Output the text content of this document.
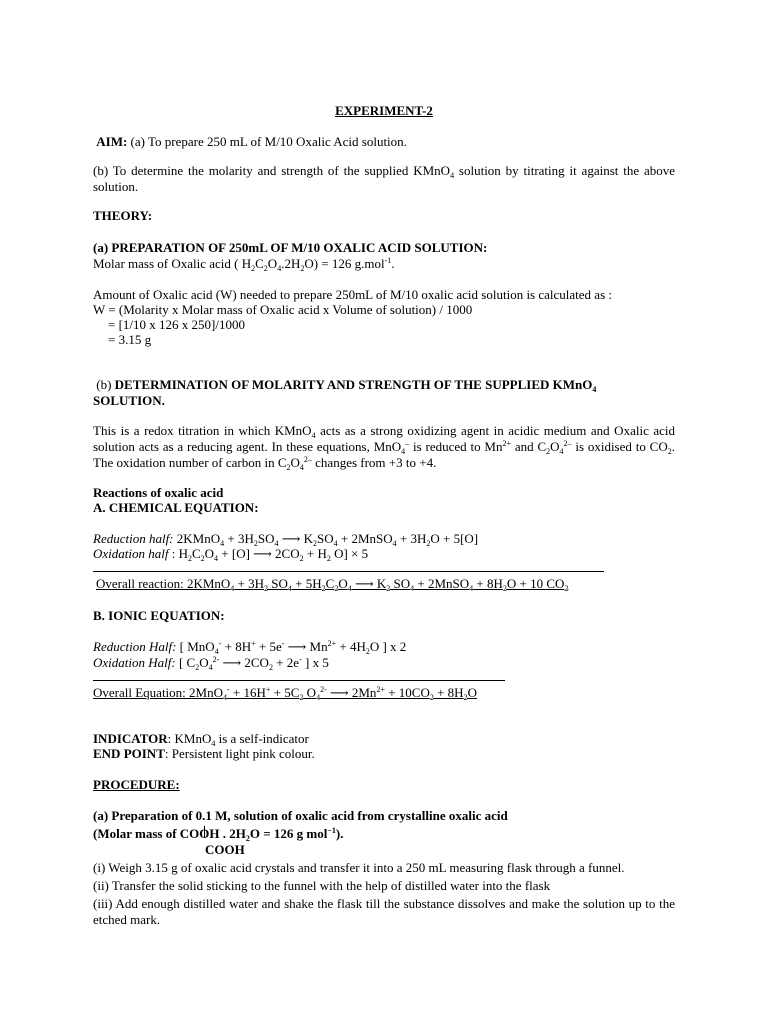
EXPERIMENT-2
AIM: (a) To prepare 250 mL of M/10 Oxalic Acid solution.
(b) To determine the molarity and strength of the supplied KMnO$_4$ solution by titrating it against the above solution.
THEORY:
(a) PREPARATION OF 250mL OF M/10 OXALIC ACID SOLUTION:
Molar mass of Oxalic acid ( $H_2C_2O_4.2H_2O) = 126$ g.mol$^{-1}$.
Amount of Oxalic acid (W) needed to prepare 250mL of M/10 oxalic acid solution is calculated as :
W = (Molarity x Molar mass of Oxalic acid x Volume of solution) / 1000
= [1/10 x 126 x 250]/1000
= 3.15 g
(b) DETERMINATION OF MOLARITY AND STRENGTH OF THE SUPPLIED KMnO$_4$
SOLUTION.
This is a redox titration in which KMnO$_4$ acts as a strong oxidizing agent in acidic medium and Oxalic acid solution acts as a reducing agent. In these equations, MnO$_4$– is reduced to $Mn^{2+}$ and $C_2O_4^{2-}$ is oxidised to $CO_2$. The oxidation number of carbon in $C_2O_4^{2-}$ changes from +3 to +4.
Reactions of oxalic acid
A. CHEMICAL EQUATION:
Reduction half: 2KMnO$_4$ + $3H_2SO_4$ ⟶ $K_2SO_4$ + 2MnSO$_4$ + $3H_2O + 5[O]$
Oxidation half : $H_2C_2O_4 + [O]$ ⟶ $2CO_2 + H_2$ O] × 5
Overall reaction: 2KMnO$_4$ + $3H_2$ $SO_4 + 5H_2C_2O_4$ ⟶ $K_2$ $SO_4$ + 2MnSO$_4$ + $8H_2O + 10$ $CO_2$
B. IONIC EQUATION:
Reduction Half: [ MnO$_4$- + 8H+ + 5e- ⟶ $Mn^{2+} + 4H_2O$ ] x 2
Oxidation Half: [ $C_2O_4^{2-}$ ⟶ $2CO_2 + 2e^-$ ] x 5
Overall Equation: $2MnO_4^- + 16H^+ + 5C_2$ $O_4^{2-}$ ⟶ $2Mn^{2+} + 10CO_2 + 8H_2O$
INDICATOR: KMnO$_4$ is a self-indicator
END POINT: Persistent light pink colour.
PROCEDURE:
(a) Preparation of 0.1 M, solution of oxalic acid from crystalline oxalic acid
(Molar mass of COOH . $2H_2O = 126$ g mol$^{-1}$).
COOH
(i) Weigh 3.15 g of oxalic acid crystals and transfer it into a 250 mL measuring flask through a funnel.
(ii) Transfer the solid sticking to the funnel with the help of distilled water into the flask
(iii) Add enough distilled water and shake the flask till the substance dissolves and make the solution up to the etched mark.
